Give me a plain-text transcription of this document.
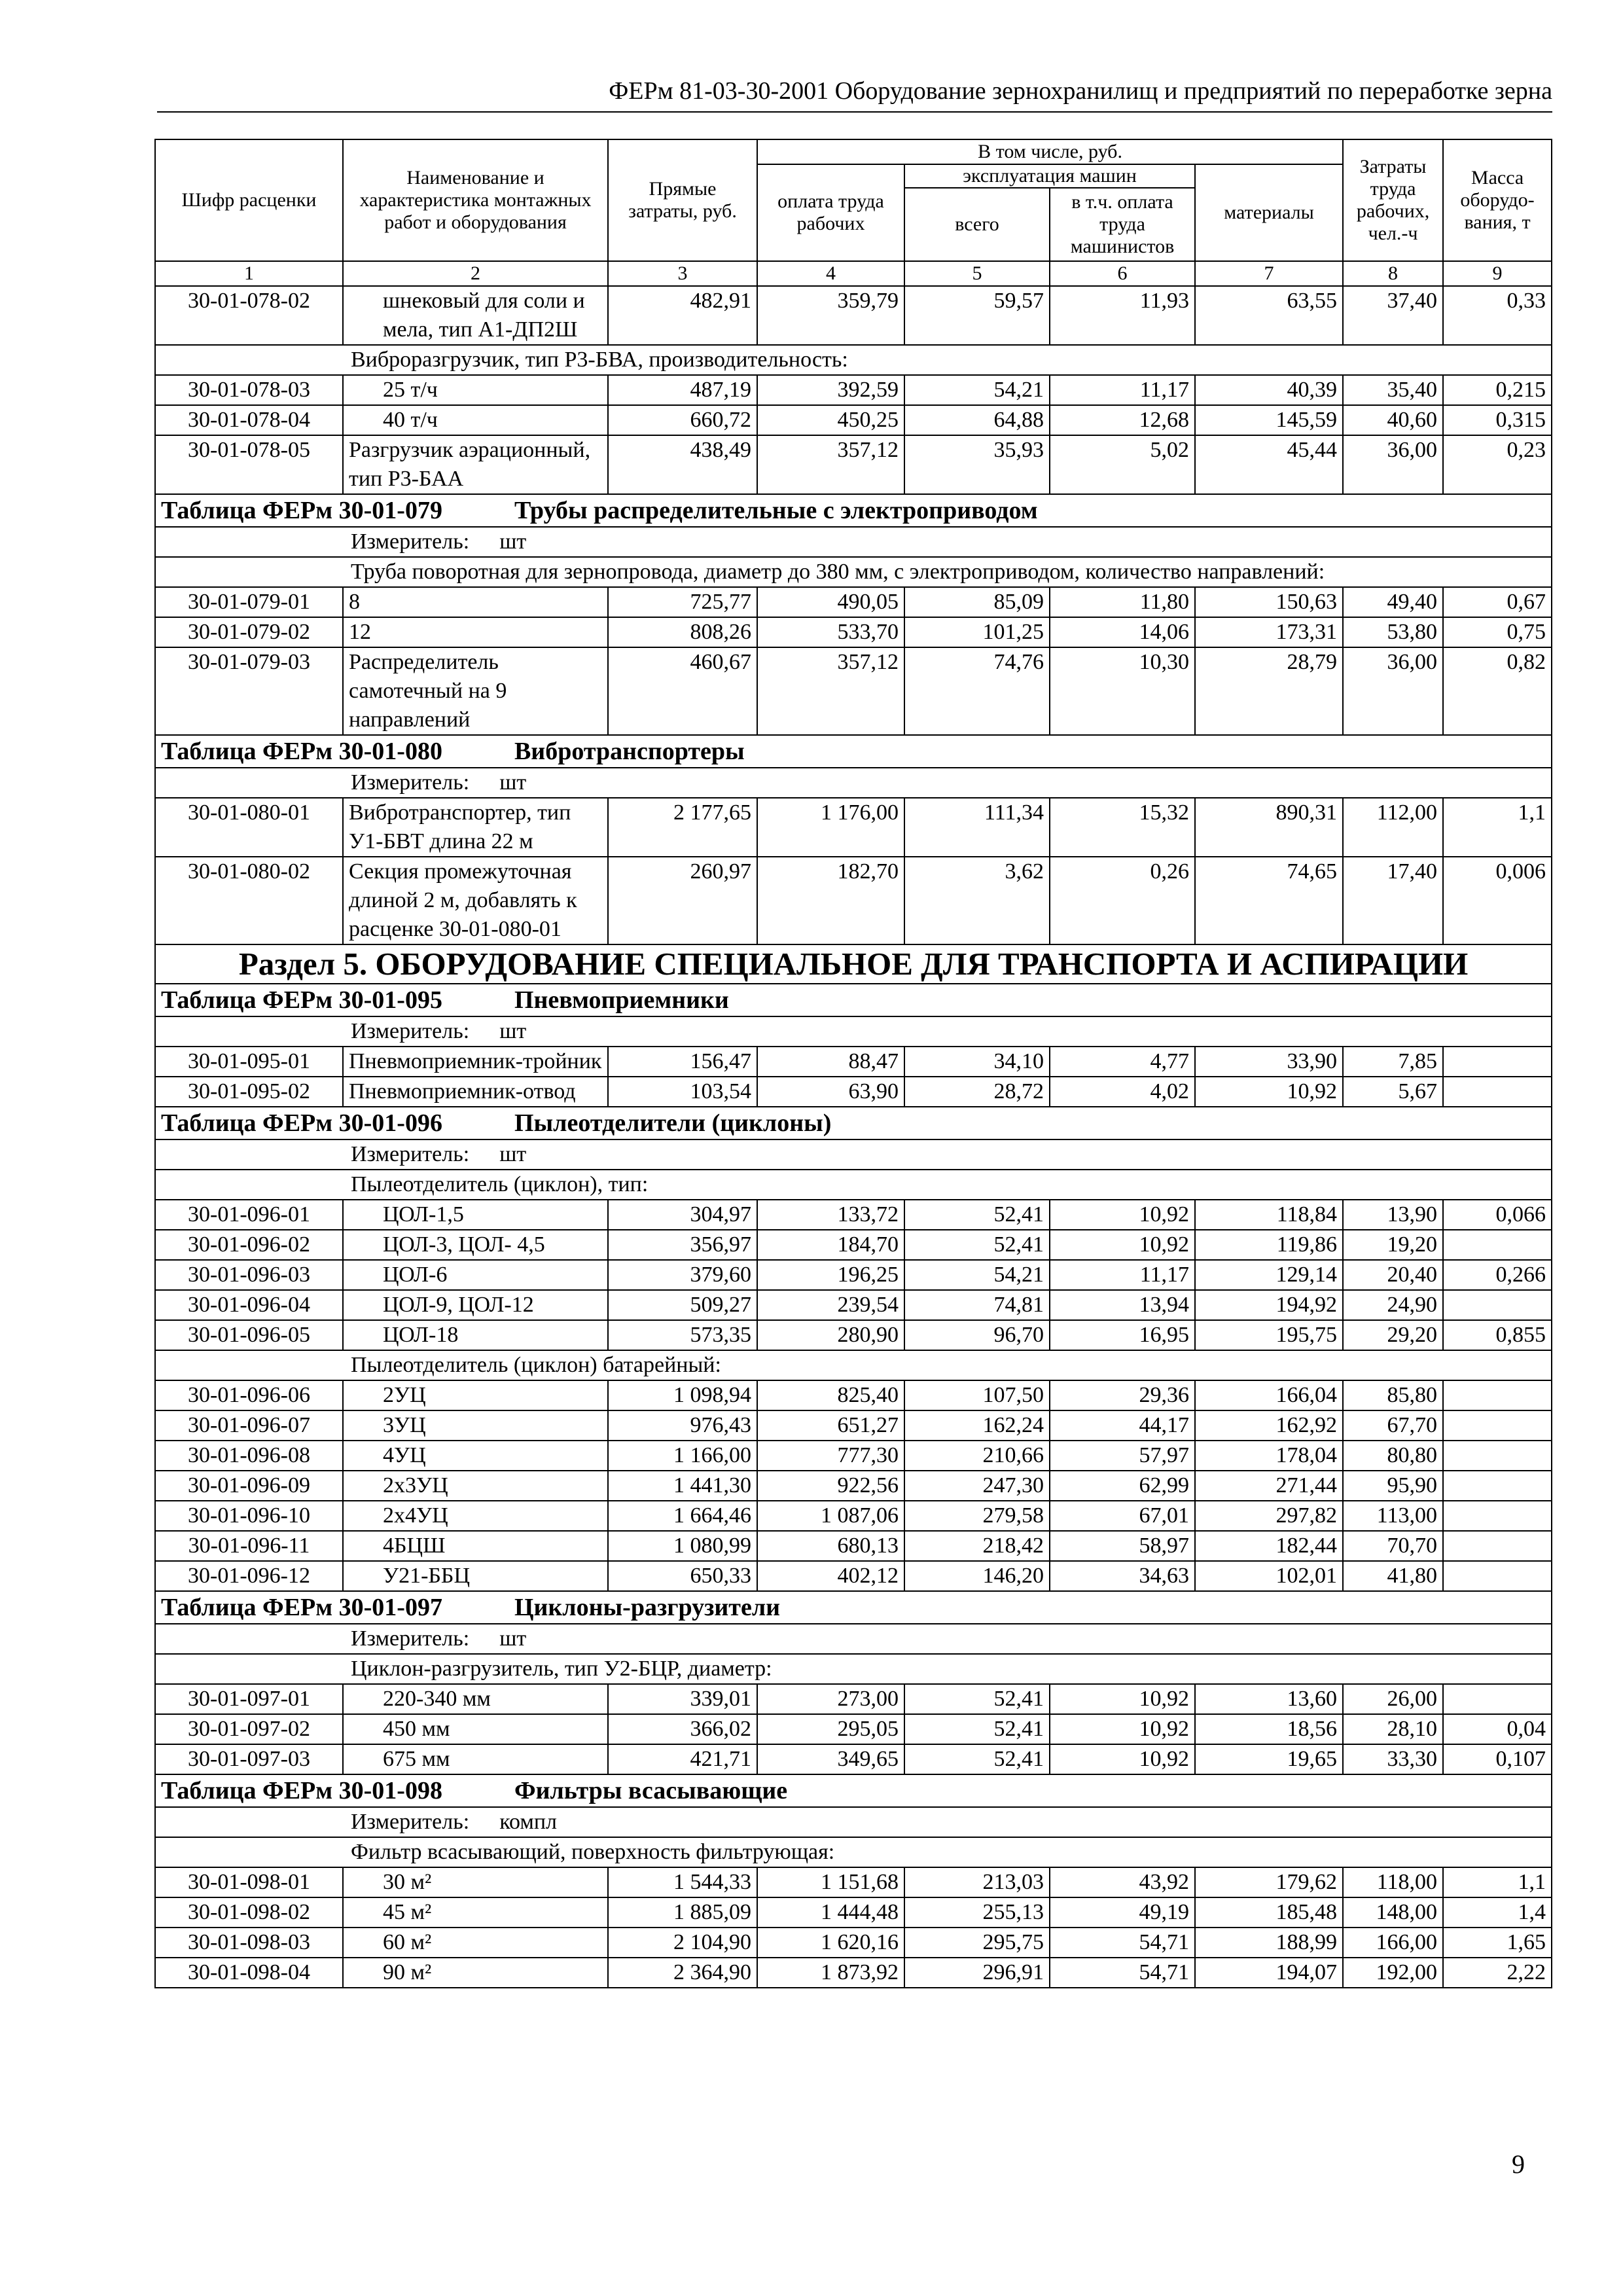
ФЕРм 81-03-30-2001 Оборудование зернохранилищ и предприятий по переработке зерна
Шифр расценки	Наименование и характеристика монтажных работ и оборудования	Прямые затраты, руб.	В том числе, руб.				Затраты труда рабочих, чел.-ч	Масса оборудо-вания, т
			оплата труда рабочих	эксплуатация машин		материалы		
				всего	в т.ч. оплата труда машинистов			
1	2	3	4	5	6	7	8	9
30-01-078-02	шнековый для соли и мела, тип А1-ДП2Ш	482,91	359,79	59,57	11,93	63,55	37,40	0,33
Виброразгрузчик, тип Р3-БВА, производительность:								
30-01-078-03	25 т/ч	487,19	392,59	54,21	11,17	40,39	35,40	0,215
30-01-078-04	40 т/ч	660,72	450,25	64,88	12,68	145,59	40,60	0,315
30-01-078-05	Разгрузчик аэрационный, тип Р3-БАА	438,49	357,12	35,93	5,02	45,44	36,00	0,23
Таблица ФЕРм 30-01-079 Трубы распределительные с электроприводом								
Измеритель: шт								
Труба поворотная для зернопровода, диаметр до 380 мм, с электроприводом, количество направлений:								
30-01-079-01	8	725,77	490,05	85,09	11,80	150,63	49,40	0,67
30-01-079-02	12	808,26	533,70	101,25	14,06	173,31	53,80	0,75
30-01-079-03	Распределитель самотечный на 9 направлений	460,67	357,12	74,76	10,30	28,79	36,00	0,82
Таблица ФЕРм 30-01-080 Вибротранспортеры								
Измеритель: шт								
30-01-080-01	Вибротранспортер, тип У1-БВТ длина 22 м	2 177,65	1 176,00	111,34	15,32	890,31	112,00	1,1
30-01-080-02	Секция промежуточная длиной 2 м, добавлять к расценке 30-01-080-01	260,97	182,70	3,62	0,26	74,65	17,40	0,006
Раздел 5. ОБОРУДОВАНИЕ СПЕЦИАЛЬНОЕ ДЛЯ ТРАНСПОРТА И АСПИРАЦИИ								
Таблица ФЕРм 30-01-095 Пневмоприемники								
Измеритель: шт								
30-01-095-01	Пневмоприемник-тройник	156,47	88,47	34,10	4,77	33,90	7,85	
30-01-095-02	Пневмоприемник-отвод	103,54	63,90	28,72	4,02	10,92	5,67	
Таблица ФЕРм 30-01-096 Пылеотделители (циклоны)								
Измеритель: шт								
Пылеотделитель (циклон), тип:								
30-01-096-01	ЦОЛ-1,5	304,97	133,72	52,41	10,92	118,84	13,90	0,066
30-01-096-02	ЦОЛ-3, ЦОЛ- 4,5	356,97	184,70	52,41	10,92	119,86	19,20	
30-01-096-03	ЦОЛ-6	379,60	196,25	54,21	11,17	129,14	20,40	0,266
30-01-096-04	ЦОЛ-9, ЦОЛ-12	509,27	239,54	74,81	13,94	194,92	24,90	
30-01-096-05	ЦОЛ-18	573,35	280,90	96,70	16,95	195,75	29,20	0,855
Пылеотделитель (циклон) батарейный:								
30-01-096-06	2УЦ	1 098,94	825,40	107,50	29,36	166,04	85,80	
30-01-096-07	3УЦ	976,43	651,27	162,24	44,17	162,92	67,70	
30-01-096-08	4УЦ	1 166,00	777,30	210,66	57,97	178,04	80,80	
30-01-096-09	2х3УЦ	1 441,30	922,56	247,30	62,99	271,44	95,90	
30-01-096-10	2х4УЦ	1 664,46	1 087,06	279,58	67,01	297,82	113,00	
30-01-096-11	4БЦШ	1 080,99	680,13	218,42	58,97	182,44	70,70	
30-01-096-12	У21-ББЦ	650,33	402,12	146,20	34,63	102,01	41,80	
Таблица ФЕРм 30-01-097 Циклоны-разгрузители								
Измеритель: шт								
Циклон-разгрузитель, тип У2-БЦР, диаметр:								
30-01-097-01	220-340 мм	339,01	273,00	52,41	10,92	13,60	26,00	
30-01-097-02	450 мм	366,02	295,05	52,41	10,92	18,56	28,10	0,04
30-01-097-03	675 мм	421,71	349,65	52,41	10,92	19,65	33,30	0,107
Таблица ФЕРм 30-01-098 Фильтры всасывающие								
Измеритель: компл								
Фильтр всасывающий, поверхность фильтрующая:								
30-01-098-01	30 м²	1 544,33	1 151,68	213,03	43,92	179,62	118,00	1,1
30-01-098-02	45 м²	1 885,09	1 444,48	255,13	49,19	185,48	148,00	1,4
30-01-098-03	60 м²	2 104,90	1 620,16	295,75	54,71	188,99	166,00	1,65
30-01-098-04	90 м²	2 364,90	1 873,92	296,91	54,71	194,07	192,00	2,22
9
